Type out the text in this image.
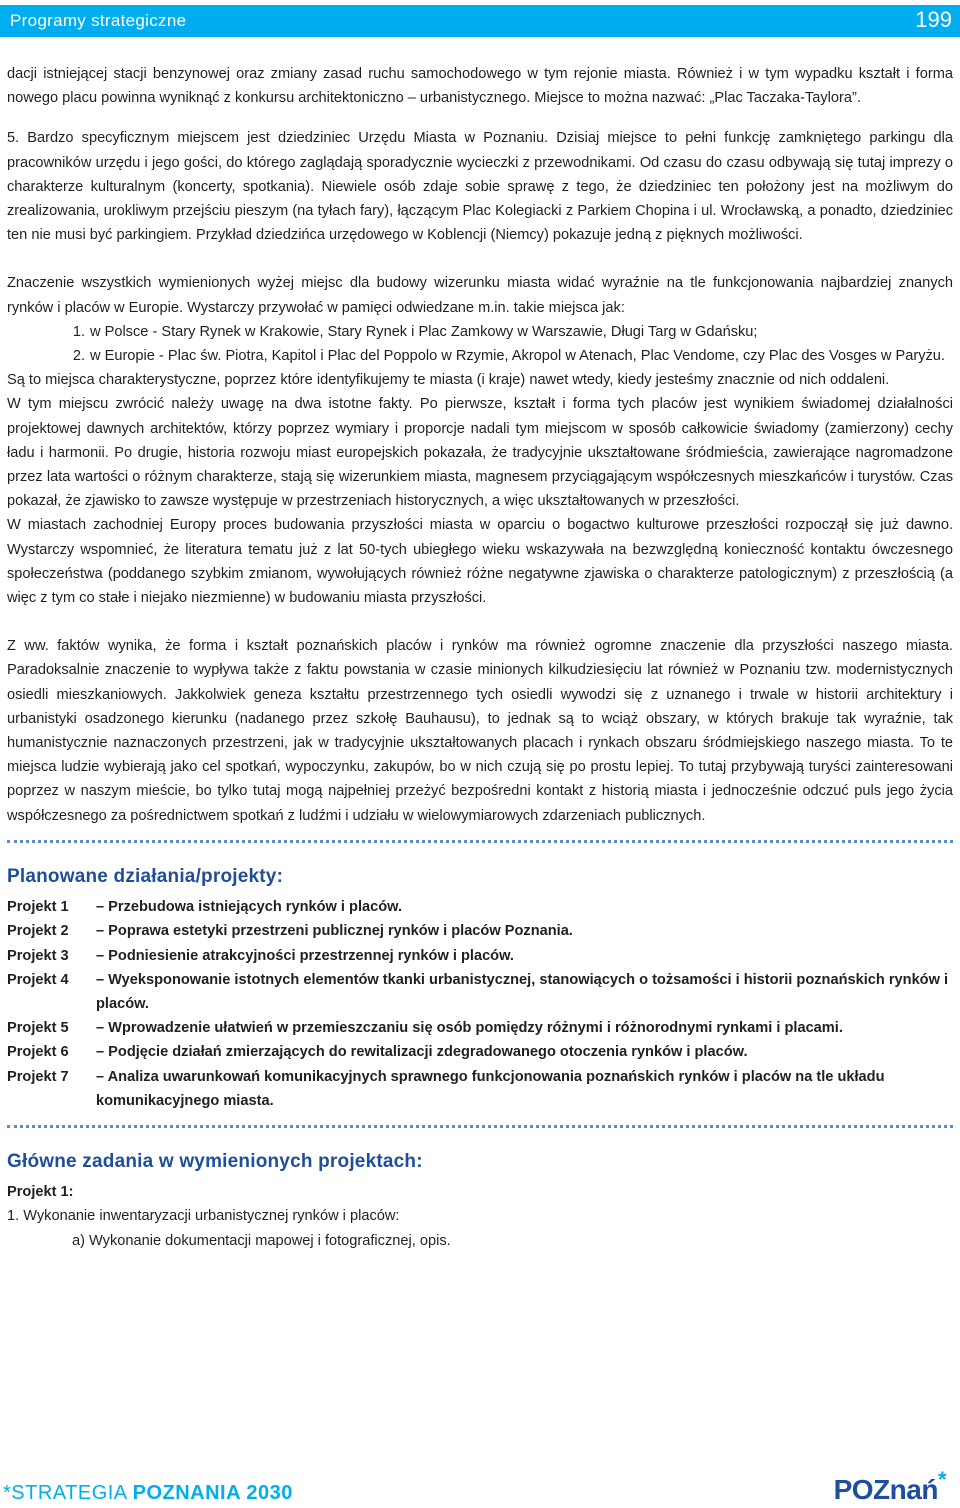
Programy strategiczne	199

dacji istniejącej stacji benzynowej oraz zmiany zasad ruchu samochodowego w tym rejonie miasta. Również i w tym wypadku kształt i forma nowego placu powinna wyniknąć z konkursu architektoniczno – urbanistycznego. Miejsce to można nazwać: „Plac Taczaka-Taylora”.

5. Bardzo specyficznym miejscem jest dziedziniec Urzędu Miasta w Poznaniu. Dzisiaj miejsce to pełni funkcję zamkniętego parkingu dla pracowników urzędu i jego gości, do którego zaglądają sporadycznie wycieczki z przewodnikami. Od czasu do czasu odbywają się tutaj imprezy o charakterze kulturalnym (koncerty, spotkania). Niewiele osób zdaje sobie sprawę z tego, że dziedziniec ten położony jest na możliwym do zrealizowania, urokliwym przejściu pieszym (na tyłach fary), łączącym Plac Kolegiacki z Parkiem Chopina i ul. Wrocławską, a ponadto, dziedziniec ten nie musi być parkingiem. Przykład dziedzińca urzędowego w Koblencji (Niemcy) pokazuje jedną z pięknych możliwości.

Znaczenie wszystkich wymienionych wyżej miejsc dla budowy wizerunku miasta widać wyraźnie na tle funkcjonowania najbardziej znanych rynków i placów w Europie. Wystarczy przywołać w pamięci odwiedzane m.in. takie miejsca jak:

1. w Polsce - Stary Rynek w Krakowie, Stary Rynek i Plac Zamkowy w Warszawie, Długi Targ w Gdańsku;
2. w Europie - Plac św. Piotra, Kapitol i Plac del Poppolo w Rzymie, Akropol w Atenach, Plac Vendome, czy Plac des Vosges w Paryżu.

Są to miejsca charakterystyczne, poprzez które identyfikujemy te miasta (i kraje) nawet wtedy, kiedy jesteśmy znacznie od nich oddaleni.

W tym miejscu zwrócić należy uwagę na dwa istotne fakty. Po pierwsze, kształt i forma tych placów jest wynikiem świadomej działalności projektowej dawnych architektów, którzy poprzez wymiary i proporcje nadali tym miejscom w sposób całkowicie świadomy (zamierzony) cechy ładu i harmonii. Po drugie, historia rozwoju miast europejskich pokazała, że tradycyjnie ukształtowane śródmieścia, zawierające nagromadzone przez lata wartości o różnym charakterze, stają się wizerunkiem miasta, magnesem przyciągającym współczesnych mieszkańców i turystów. Czas pokazał, że zjawisko to zawsze występuje w przestrzeniach historycznych, a więc ukształtowanych w przeszłości.

W miastach zachodniej Europy proces budowania przyszłości miasta w oparciu o bogactwo kulturowe przeszłości rozpoczął się już dawno. Wystarczy wspomnieć, że literatura tematu już z lat 50-tych ubiegłego wieku wskazywała na bezwzględną konieczność kontaktu ówczesnego społeczeństwa (poddanego szybkim zmianom, wywołujących również różne negatywne zjawiska o charakterze patologicznym) z przeszłością (a więc z tym co stałe i niejako niezmienne) w budowaniu miasta przyszłości.

Z ww. faktów wynika, że forma i kształt poznańskich placów i rynków ma również ogromne znaczenie dla przyszłości naszego miasta. Paradoksalnie znaczenie to wypływa także z faktu powstania w czasie minionych kilkudziesięciu lat również w Poznaniu tzw. modernistycznych osiedli mieszkaniowych. Jakkolwiek geneza kształtu przestrzennego tych osiedli wywodzi się z uznanego i trwale w historii architektury i urbanistyki osadzonego kierunku (nadanego przez szkołę Bauhausu), to jednak są to wciąż obszary, w których brakuje tak wyraźnie, tak humanistycznie naznaczonych przestrzeni, jak w tradycyjnie ukształtowanych placach i rynkach obszaru śródmiejskiego naszego miasta. To te miejsca ludzie wybierają jako cel spotkań, wypoczynku, zakupów, bo w nich czują się po prostu lepiej. To tutaj przybywają turyści zainteresowani poprzez w naszym mieście, bo tylko tutaj mogą najpełniej przeżyć bezpośredni kontakt z historią miasta i jednocześnie odczuć puls jego życia współczesnego za pośrednictwem spotkań z ludźmi i udziału w wielowymiarowych zdarzeniach publicznych.

Planowane działania/projekty:
Projekt 1	– Przebudowa istniejących rynków i placów.
Projekt 2	– Poprawa estetyki przestrzeni publicznej rynków i placów Poznania.
Projekt 3	– Podniesienie atrakcyjności przestrzennej rynków i placów.
Projekt 4	– Wyeksponowanie istotnych elementów tkanki urbanistycznej, stanowiących o tożsamości i historii poznańskich rynków i placów.
Projekt 5	– Wprowadzenie ułatwień w przemieszczaniu się osób pomiędzy różnymi i różnorodnymi rynkami i placami.
Projekt 6	– Podjęcie działań zmierzających do rewitalizacji zdegradowanego otoczenia rynków i placów.
Projekt 7	– Analiza uwarunkowań komunikacyjnych sprawnego funkcjonowania poznańskich rynków i placów na tle układu komunikacyjnego miasta.
Główne zadania w wymienionych projektach:

Projekt 1:

1. Wykonanie inwentaryzacji urbanistycznej rynków i placów:

a) Wykonanie dokumentacji mapowej i fotograficznej, opis.

*STRATEGIA POZNANIA 2030	POZnań*
